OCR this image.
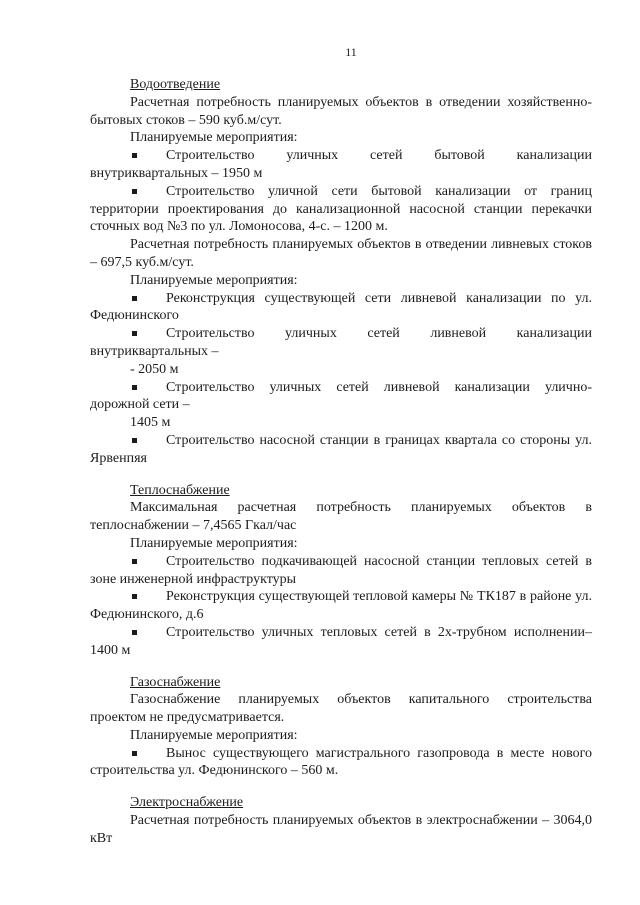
11
Водоотведение
Расчетная потребность планируемых объектов в отведении хозяйственно-бытовых стоков – 590 куб.м/сут.
Планируемые мероприятия:
Строительство уличных сетей бытовой канализации внутриквартальных – 1950 м
Строительство уличной сети бытовой канализации от границ территории проектирования до канализационной насосной станции перекачки сточных вод №3 по ул. Ломоносова, 4-с. – 1200 м.
Расчетная потребность планируемых объектов в отведении ливневых стоков – 697,5 куб.м/сут.
Планируемые мероприятия:
Реконструкция существующей сети ливневой канализации по ул. Федюнинского
Строительство уличных сетей ливневой канализации
внутриквартальных –
- 2050 м
Строительство уличных сетей ливневой канализации улично-дорожной сети –
1405 м
Строительство насосной станции в границах квартала со стороны ул. Ярвенпяя
Теплоснабжение
Максимальная расчетная потребность планируемых объектов в теплоснабжении – 7,4565 Гкал/час
Планируемые мероприятия:
Строительство подкачивающей насосной станции тепловых сетей в зоне инженерной инфраструктуры
Реконструкция существующей тепловой камеры № ТК187 в районе ул. Федюнинского, д.6
Строительство уличных тепловых сетей в 2х-трубном исполнении– 1400 м
Газоснабжение
Газоснабжение планируемых объектов капитального строительства проектом не предусматривается.
Планируемые мероприятия:
Вынос существующего магистрального газопровода в месте нового строительства ул. Федюнинского – 560 м.
Электроснабжение
Расчетная потребность планируемых объектов в электроснабжении – 3064,0 кВт
